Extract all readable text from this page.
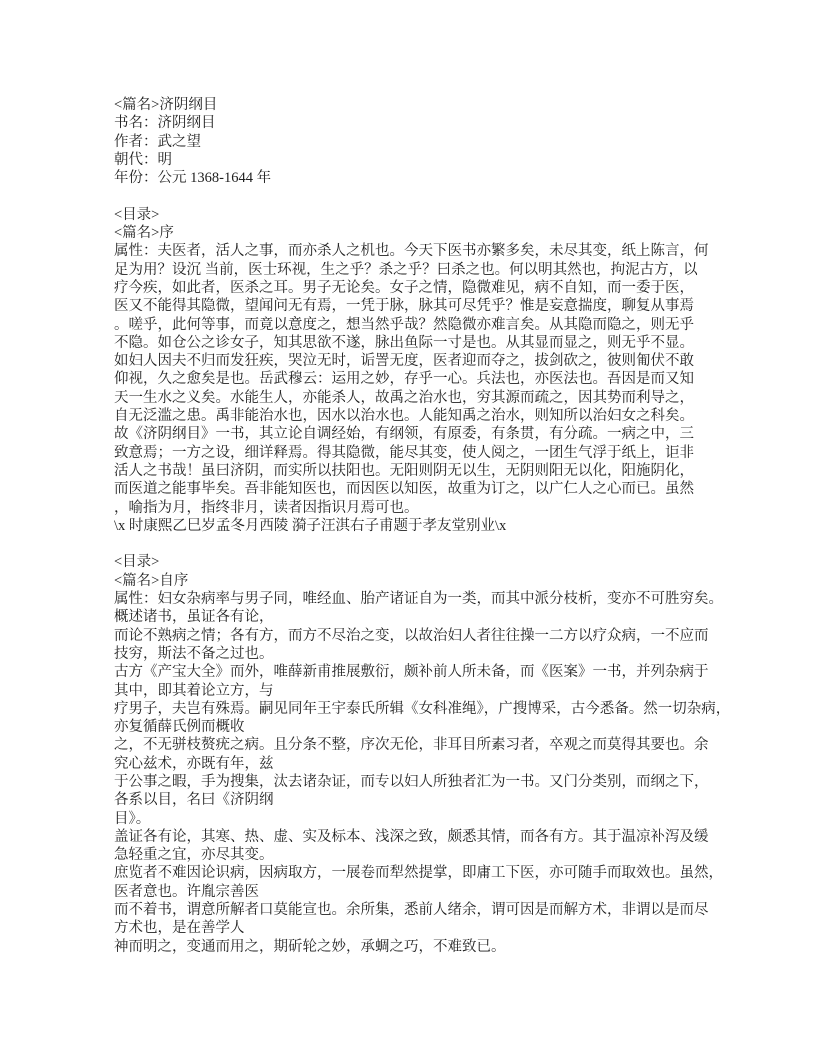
<篇名>济阴纲目
书名：济阴纲目
作者：武之望
朝代：明
年份：公元 1368-1644 年
<目录>
<篇名>序
属性：夫医者，活人之事，而亦杀人之机也。今天下医书亦繁多矣，未尽其变，纸上陈言，何
足为用？设沉 当前，医士环视，生之乎？杀之乎？曰杀之也。何以明其然也，拘泥古方，以
疗今疾，如此者，医杀之耳。男子无论矣。女子之情，隐微难见，病不自知，而一委于医，
医又不能得其隐微，望闻问无有焉，一凭于脉，脉其可尽凭乎？惟是妄意揣度，聊复从事焉
。嗟乎，此何等事，而竟以意度之，想当然乎哉？然隐微亦难言矣。从其隐而隐之，则无乎
不隐。如仓公之诊女子，知其思欲不遂，脉出鱼际一寸是也。从其显而显之，则无乎不显。
如妇人因夫不归而发狂疾，哭泣无时，诟詈无度，医者迎而夺之，拔剑砍之，彼则匍伏不敢
仰视，久之愈矣是也。岳武穆云：运用之妙，存乎一心。兵法也，亦医法也。吾因是而又知
天一生水之义矣。水能生人，亦能杀人，故禹之治水也，穷其源而疏之，因其势而利导之，
自无泛滥之患。禹非能治水也，因水以治水也。人能知禹之治水，则知所以治妇女之科矣。
故《济阴纲目》一书，其立论自调经始，有纲领，有原委，有条贯，有分疏。一病之中，三
致意焉；一方之设，细详释焉。得其隐微，能尽其变，使人阅之，一团生气浮于纸上，讵非
活人之书哉！虽曰济阴，而实所以扶阳也。无阳则阴无以生，无阴则阳无以化，阳施阴化，
而医道之能事毕矣。吾非能知医也，而因医以知医，故重为订之，以广仁人之心而已。虽然
，喻指为月，指终非月，读者因指识月焉可也。
\x 时康熙乙巳岁孟冬月西陵 漪子汪淇右子甫题于孝友堂别业\x
<目录>
<篇名>自序
属性：妇女杂病率与男子同，唯经血、胎产诸证自为一类，而其中派分枝析，变亦不可胜穷矣。
概述诸书，虽证各有论，
而论不熟病之情；各有方，而方不尽治之变，以故治妇人者往往操一二方以疗众病，一不应而
技穷，斯法不备之过也。
古方《产宝大全》而外，唯薛新甫推展敷衍，颇补前人所未备，而《医案》一书，并列杂病于
其中，即其着论立方，与
疗男子，夫岂有殊焉。嗣见同年王宇泰氏所辑《女科准绳》，广搜博采，古今悉备。然一切杂病，
亦复循薛氏例而概收
之，不无骈枝赘疣之病。且分条不整，序次无伦，非耳目所素习者，卒观之而莫得其要也。余
究心兹术，亦既有年，兹
于公事之暇，手为搜集，汰去诸杂证，而专以妇人所独者汇为一书。又门分类别，而纲之下，
各系以目，名曰《济阴纲
目》。
盖证各有论，其寒、热、虚、实及标本、浅深之致，颇悉其情，而各有方。其于温凉补泻及缓
急轻重之宜，亦尽其变。
庶览者不难因论识病，因病取方，一展卷而犁然提掌，即庸工下医，亦可随手而取效也。虽然，
医者意也。许胤宗善医
而不着书，谓意所解者口莫能宣也。余所集，悉前人绪余，谓可因是而解方术，非谓以是而尽
方术也，是在善学人
神而明之，变通而用之，期斫轮之妙，承蜩之巧，不难致已。
